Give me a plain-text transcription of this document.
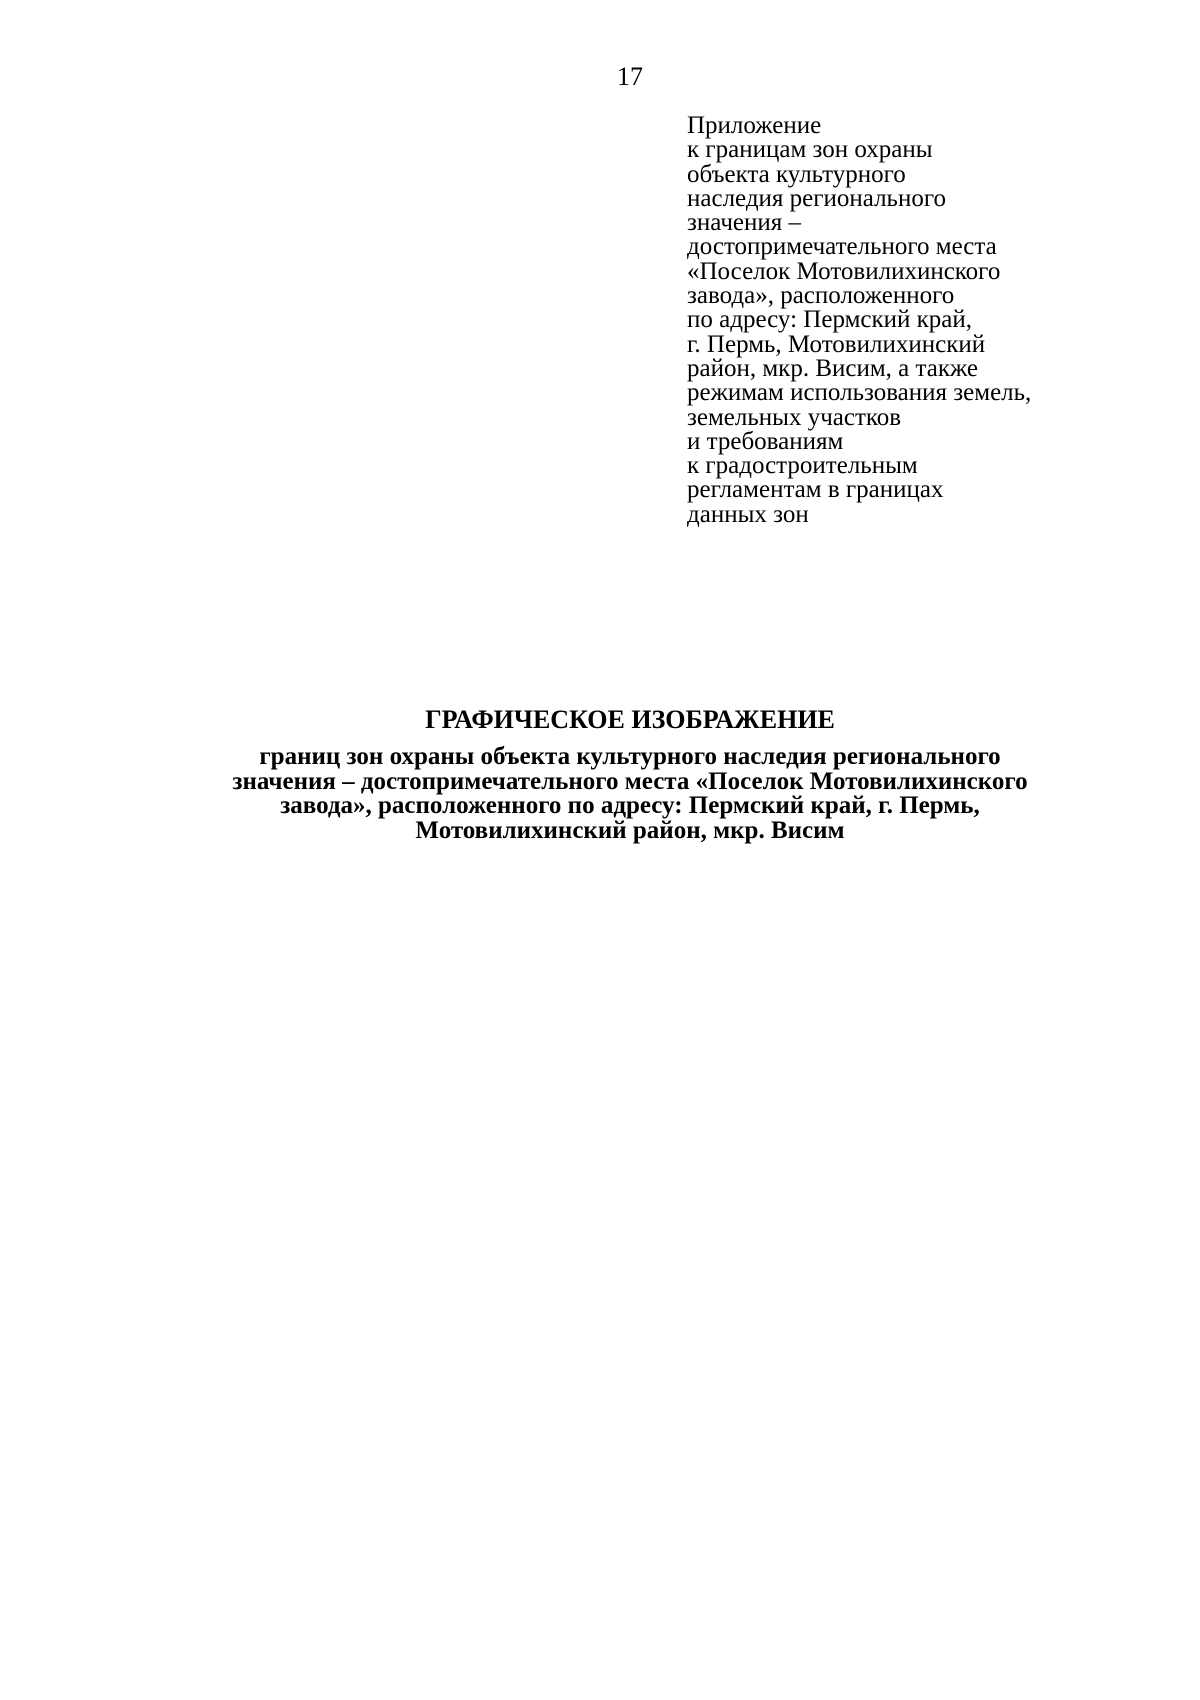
17
Приложение
к границам зон охраны
объекта культурного
наследия регионального
значения –
достопримечательного места
«Поселок Мотовилихинского
завода», расположенного
по адресу: Пермский край,
г. Пермь, Мотовилихинский
район, мкр. Висим, а также
режимам использования земель,
земельных участков
и требованиям
к градостроительным
регламентам в границах
данных зон
ГРАФИЧЕСКОЕ ИЗОБРАЖЕНИЕ
границ зон охраны объекта культурного наследия регионального
значения – достопримечательного места «Поселок Мотовилихинского
завода», расположенного по адресу: Пермский край, г. Пермь,
Мотовилихинский район, мкр. Висим
